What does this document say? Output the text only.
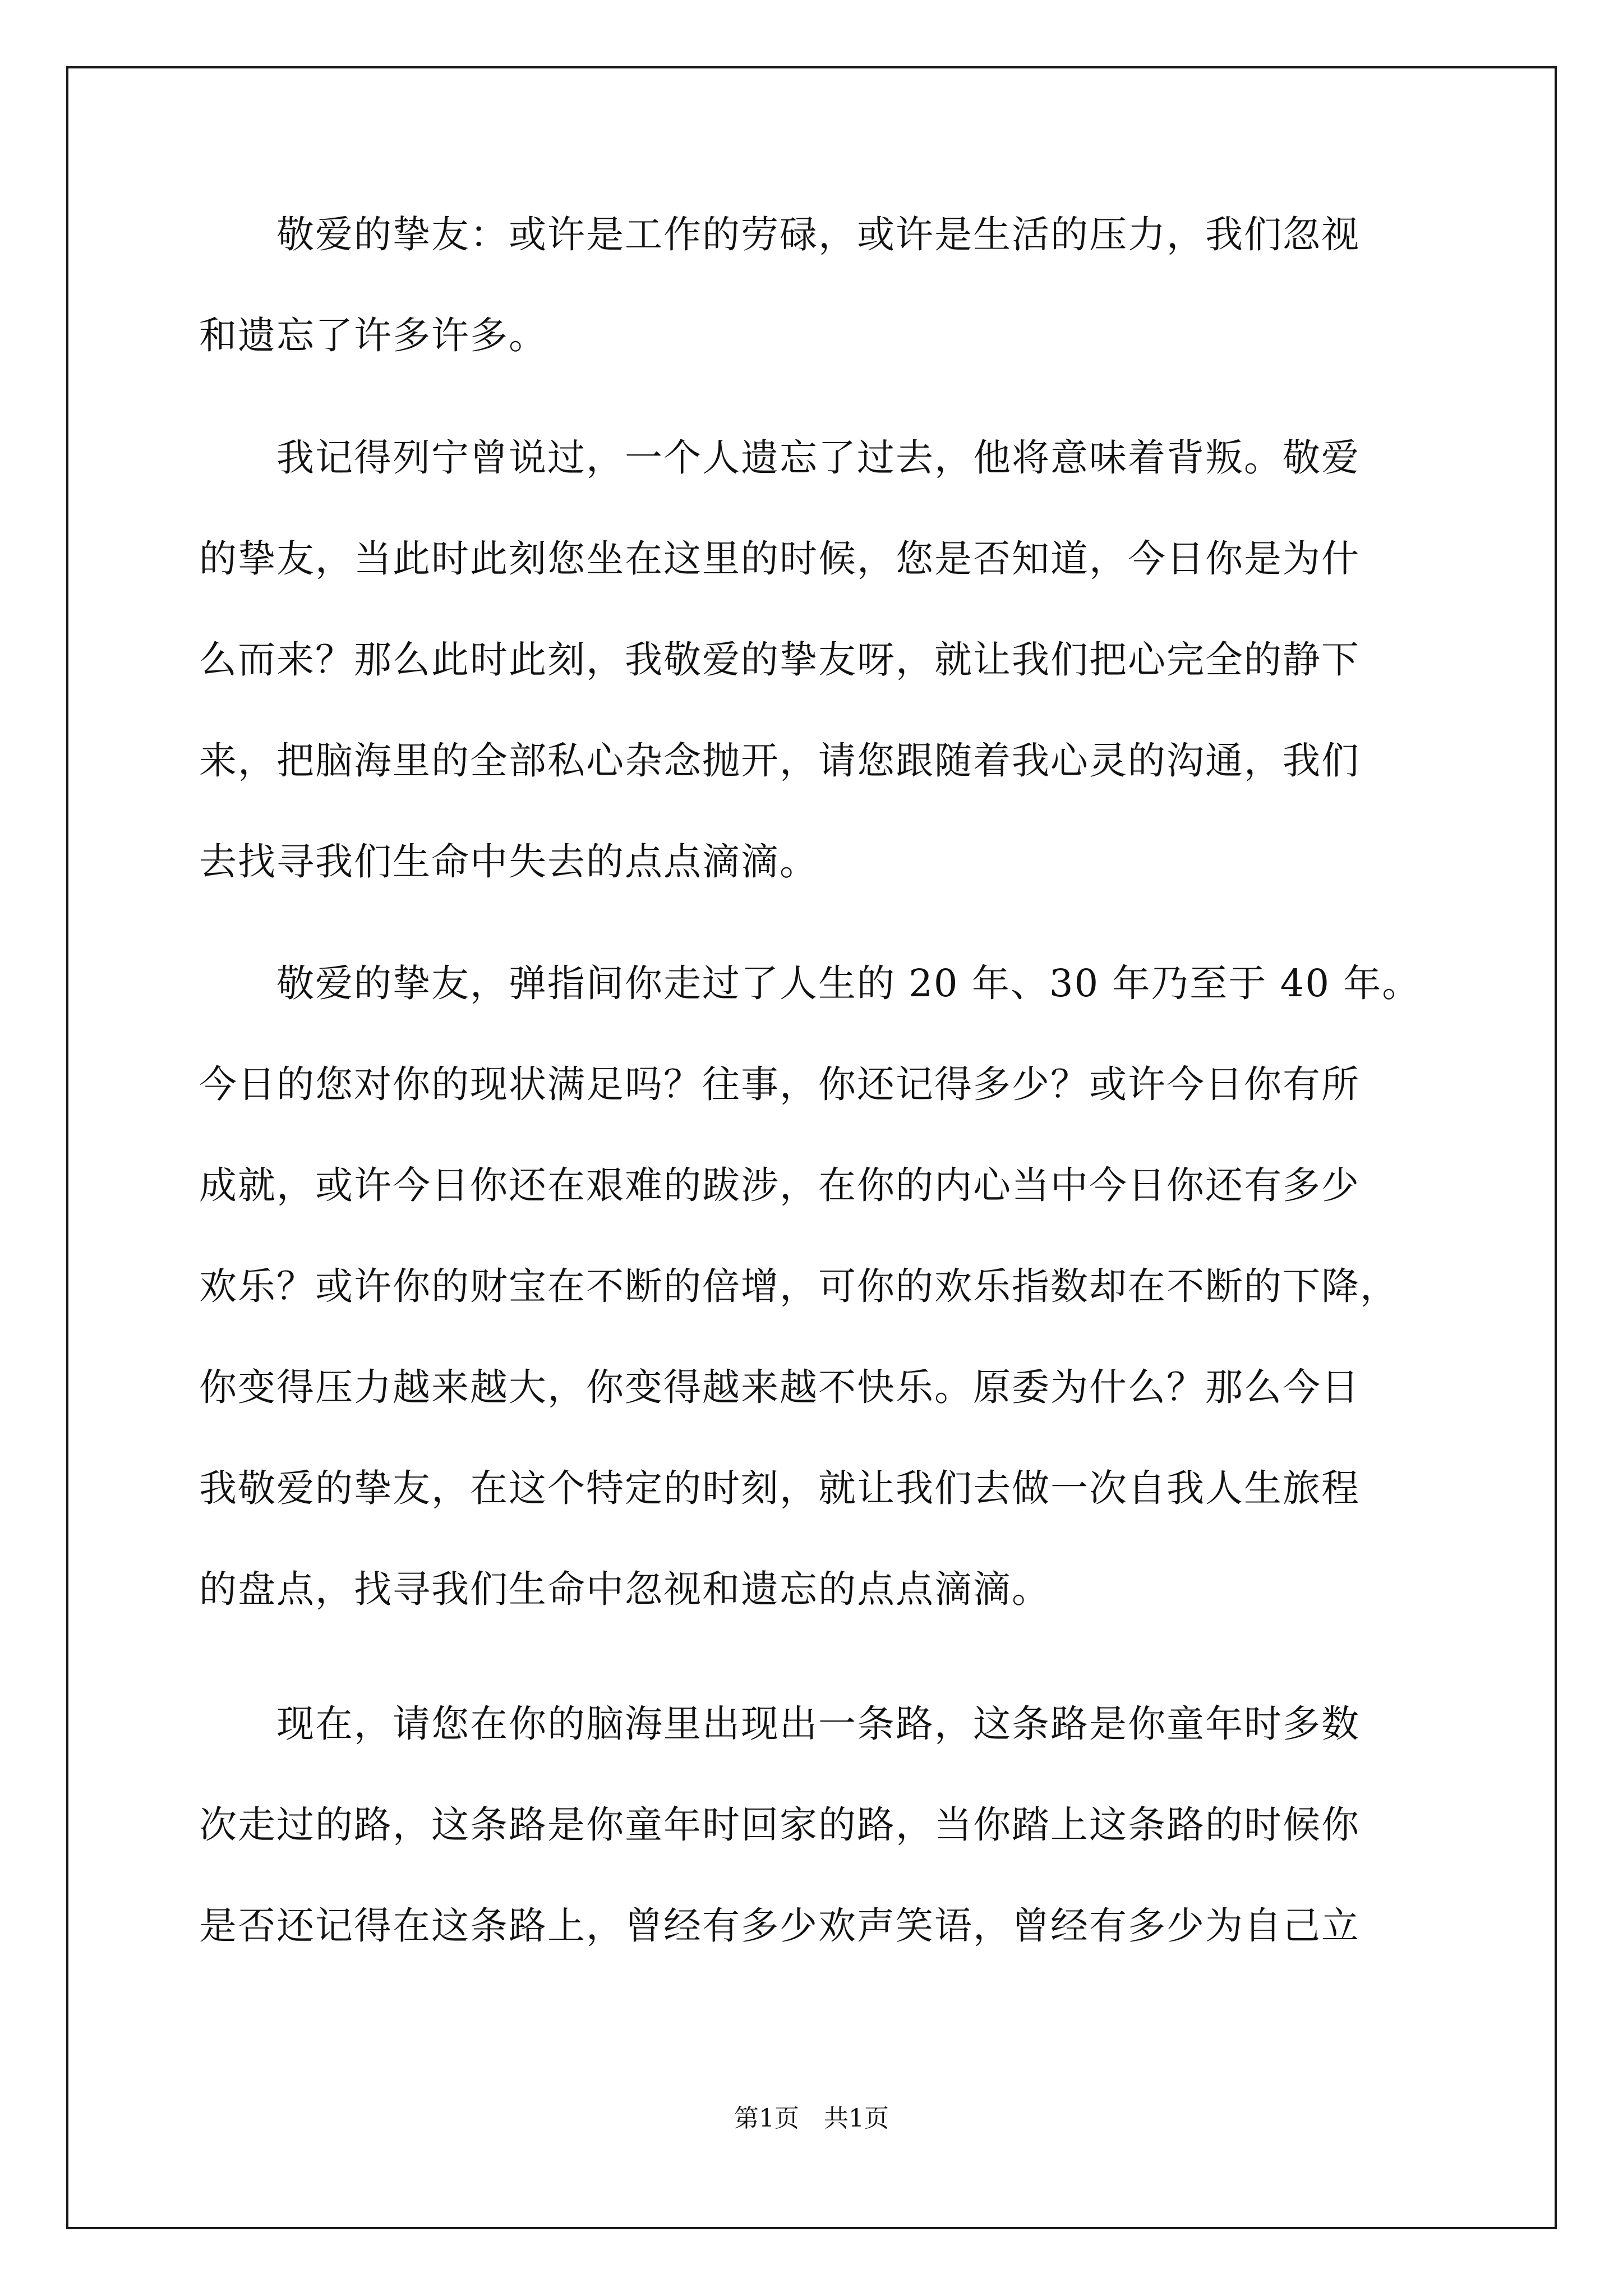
　　敬爱的挚友：或许是工作的劳碌，或许是生活的压力，我们忽视
和遗忘了许多许多。
　　我记得列宁曾说过，一个人遗忘了过去，他将意味着背叛。敬爱
的挚友，当此时此刻您坐在这里的时候，您是否知道，今日你是为什
么而来？那么此时此刻，我敬爱的挚友呀，就让我们把心完全的静下
来，把脑海里的全部私心杂念抛开，请您跟随着我心灵的沟通，我们
去找寻我们生命中失去的点点滴滴。
　　敬爱的挚友，弹指间你走过了人生的 20 年、30 年乃至于 40 年。
今日的您对你的现状满足吗？往事，你还记得多少？或许今日你有所
成就，或许今日你还在艰难的跋涉，在你的内心当中今日你还有多少
欢乐？或许你的财宝在不断的倍增，可你的欢乐指数却在不断的下降，
你变得压力越来越大，你变得越来越不快乐。原委为什么？那么今日
我敬爱的挚友，在这个特定的时刻，就让我们去做一次自我人生旅程
的盘点，找寻我们生命中忽视和遗忘的点点滴滴。
　　现在，请您在你的脑海里出现出一条路，这条路是你童年时多数
次走过的路，这条路是你童年时回家的路，当你踏上这条路的时候你
是否还记得在这条路上，曾经有多少欢声笑语，曾经有多少为自己立
第1页　共1页
